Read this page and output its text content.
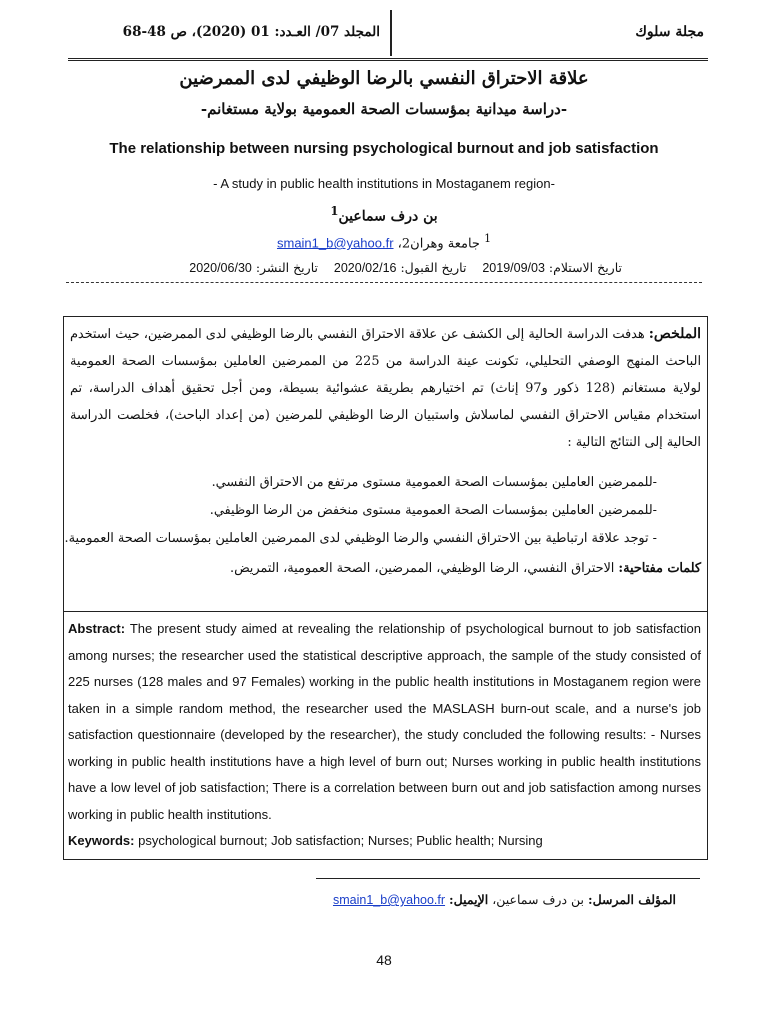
المجلد 07/ العـدد: 01 (2020)، ص 48-68	مجلة سلوك
علاقة الاحتراق النفسي بالرضا الوظيفي لدى الممرضين
-دراسة ميدانية بمؤسسات الصحة العمومية بولاية مستغانم-
The relationship between nursing psychological burnout and job satisfaction
- A study in public health institutions in Mostaganem region-
بن درف سماعين$^1$
$^1$ جامعة وهران2، smain1_b@yahoo.fr
تاريخ الاستلام: 2019/09/03    تاريخ القبول: 2020/02/16    تاريخ النشر: 2020/06/30
الملخص: هدفت الدراسة الحالية إلى الكشف عن علاقة الاحتراق النفسي بالرضا الوظيفي لدى الممرضين، حيث استخدم الباحث المنهج الوصفي التحليلي، تكونت عينة الدراسة من 225 من الممرضين العاملين بمؤسسات الصحة العمومية لولاية مستغانم (128 ذكور و97 إناث) تم اختيارهم بطريقة عشوائية بسيطة، ومن أجل تحقيق أهداف الدراسة، تم استخدام مقياس الاحتراق النفسي لماسلاش واستبيان الرضا الوظيفي للمرضين (من إعداد الباحث)، فخلصت الدراسة الحالية إلى النتائج التالية :
-للممرضين العاملين بمؤسسات الصحة العمومية مستوى مرتفع من الاحتراق النفسي.
-للممرضين العاملين بمؤسسات الصحة العمومية مستوى منخفض من الرضا الوظيفي.
- توجد علاقة ارتباطية بين الاحتراق النفسي والرضا الوظيفي لدى الممرضين العاملين بمؤسسات الصحة العمومية.
كلمات مفتاحية: الاحتراق النفسي، الرضا الوظيفي، الممرضين، الصحة العمومية، التمريض.
Abstract: The present study aimed at revealing the relationship of psychological burnout to job satisfaction among nurses; the researcher used the statistical descriptive approach, the sample of the study consisted of 225 nurses (128 males and 97 Females) working in the public health institutions in Mostaganem region were taken in a simple random method, the researcher used the MASLASH burn-out scale, and a nurse's job satisfaction questionnaire (developed by the researcher), the study concluded the following results: - Nurses working in public health institutions have a high level of burn out; Nurses working in public health institutions have a low level of job satisfaction; There is a correlation between burn out and job satisfaction among nurses working in public health institutions.
Keywords: psychological burnout; Job satisfaction; Nurses; Public health; Nursing
المؤلف المرسل: بن درف سماعين، الإيميل: smain1_b@yahoo.fr
48
